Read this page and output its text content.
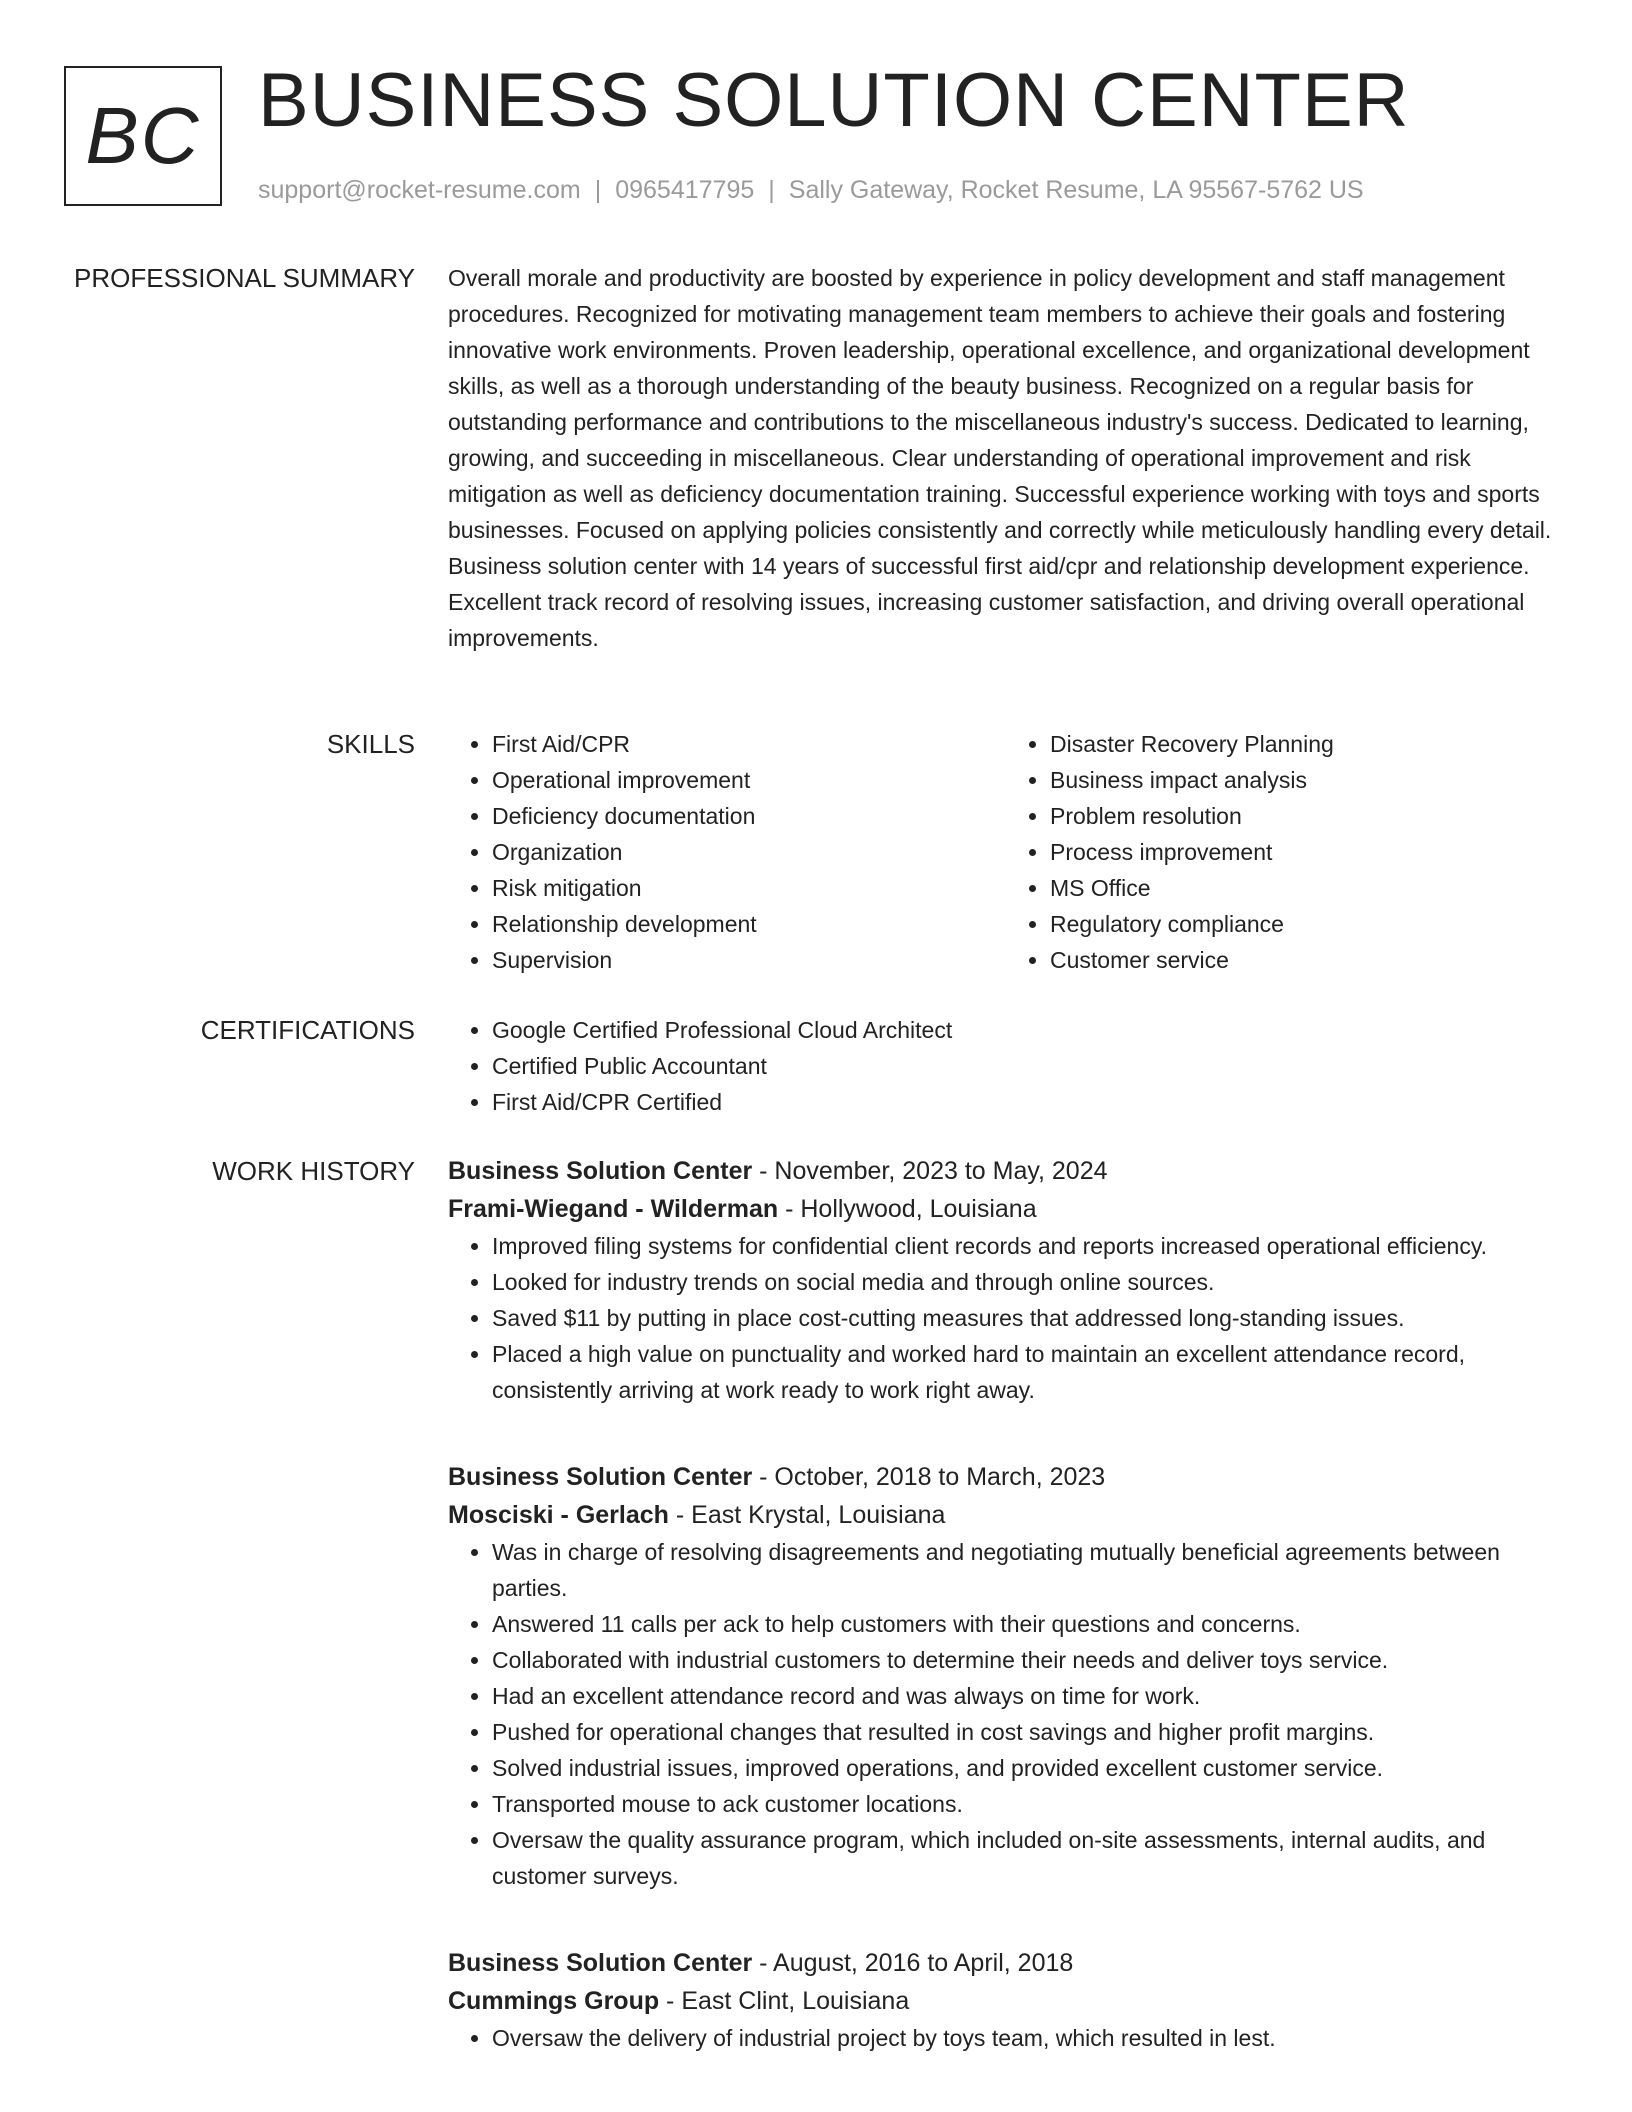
BC BUSINESS SOLUTION CENTER
support@rocket-resume.com | 0965417795 | Sally Gateway, Rocket Resume, LA 95567-5762 US
PROFESSIONAL SUMMARY Overall morale and productivity are boosted by experience in policy development and staff management procedures. Recognized for motivating management team members to achieve their goals and fostering innovative work environments. Proven leadership, operational excellence, and organizational development skills, as well as a thorough understanding of the beauty business. Recognized on a regular basis for outstanding performance and contributions to the miscellaneous industry's success. Dedicated to learning, growing, and succeeding in miscellaneous. Clear understanding of operational improvement and risk mitigation as well as deficiency documentation training. Successful experience working with toys and sports businesses. Focused on applying policies consistently and correctly while meticulously handling every detail. Business solution center with 14 years of successful first aid/cpr and relationship development experience. Excellent track record of resolving issues, increasing customer satisfaction, and driving overall operational improvements.

SKILLS	• First Aid/CPR
• Operational improvement
• Deficiency documentation
• Organization
• Risk mitigation
• Relationship development
• Supervision
• Disaster Recovery Planning
• Business impact analysis
• Problem resolution
• Process improvement
• MS Office
• Regulatory compliance
• Customer service
CERTIFICATIONS	• Google Certified Professional Cloud Architect
• Certified Public Accountant
• First Aid/CPR Certified
WORK HISTORY Business Solution Center - November, 2023 to May, 2024
Frami-Wiegand - Wilderman - Hollywood, Louisiana
• Improved filing systems for confidential client records and reports increased operational efficiency.
• Looked for industry trends on social media and through online sources.
• Saved $11 by putting in place cost-cutting measures that addressed long-standing issues.
• Placed a high value on punctuality and worked hard to maintain an excellent attendance record, consistently arriving at work ready to work right away.
Business Solution Center - October, 2018 to March, 2023
Mosciski - Gerlach - East Krystal, Louisiana
• Was in charge of resolving disagreements and negotiating mutually beneficial agreements between parties.
• Answered 11 calls per ack to help customers with their questions and concerns.
• Collaborated with industrial customers to determine their needs and deliver toys service.
• Had an excellent attendance record and was always on time for work.
• Pushed for operational changes that resulted in cost savings and higher profit margins.
• Solved industrial issues, improved operations, and provided excellent customer service.
• Transported mouse to ack customer locations.
• Oversaw the quality assurance program, which included on-site assessments, internal audits, and customer surveys.
Business Solution Center - August, 2016 to April, 2018
Cummings Group - East Clint, Louisiana
• Oversaw the delivery of industrial project by toys team, which resulted in lest.
